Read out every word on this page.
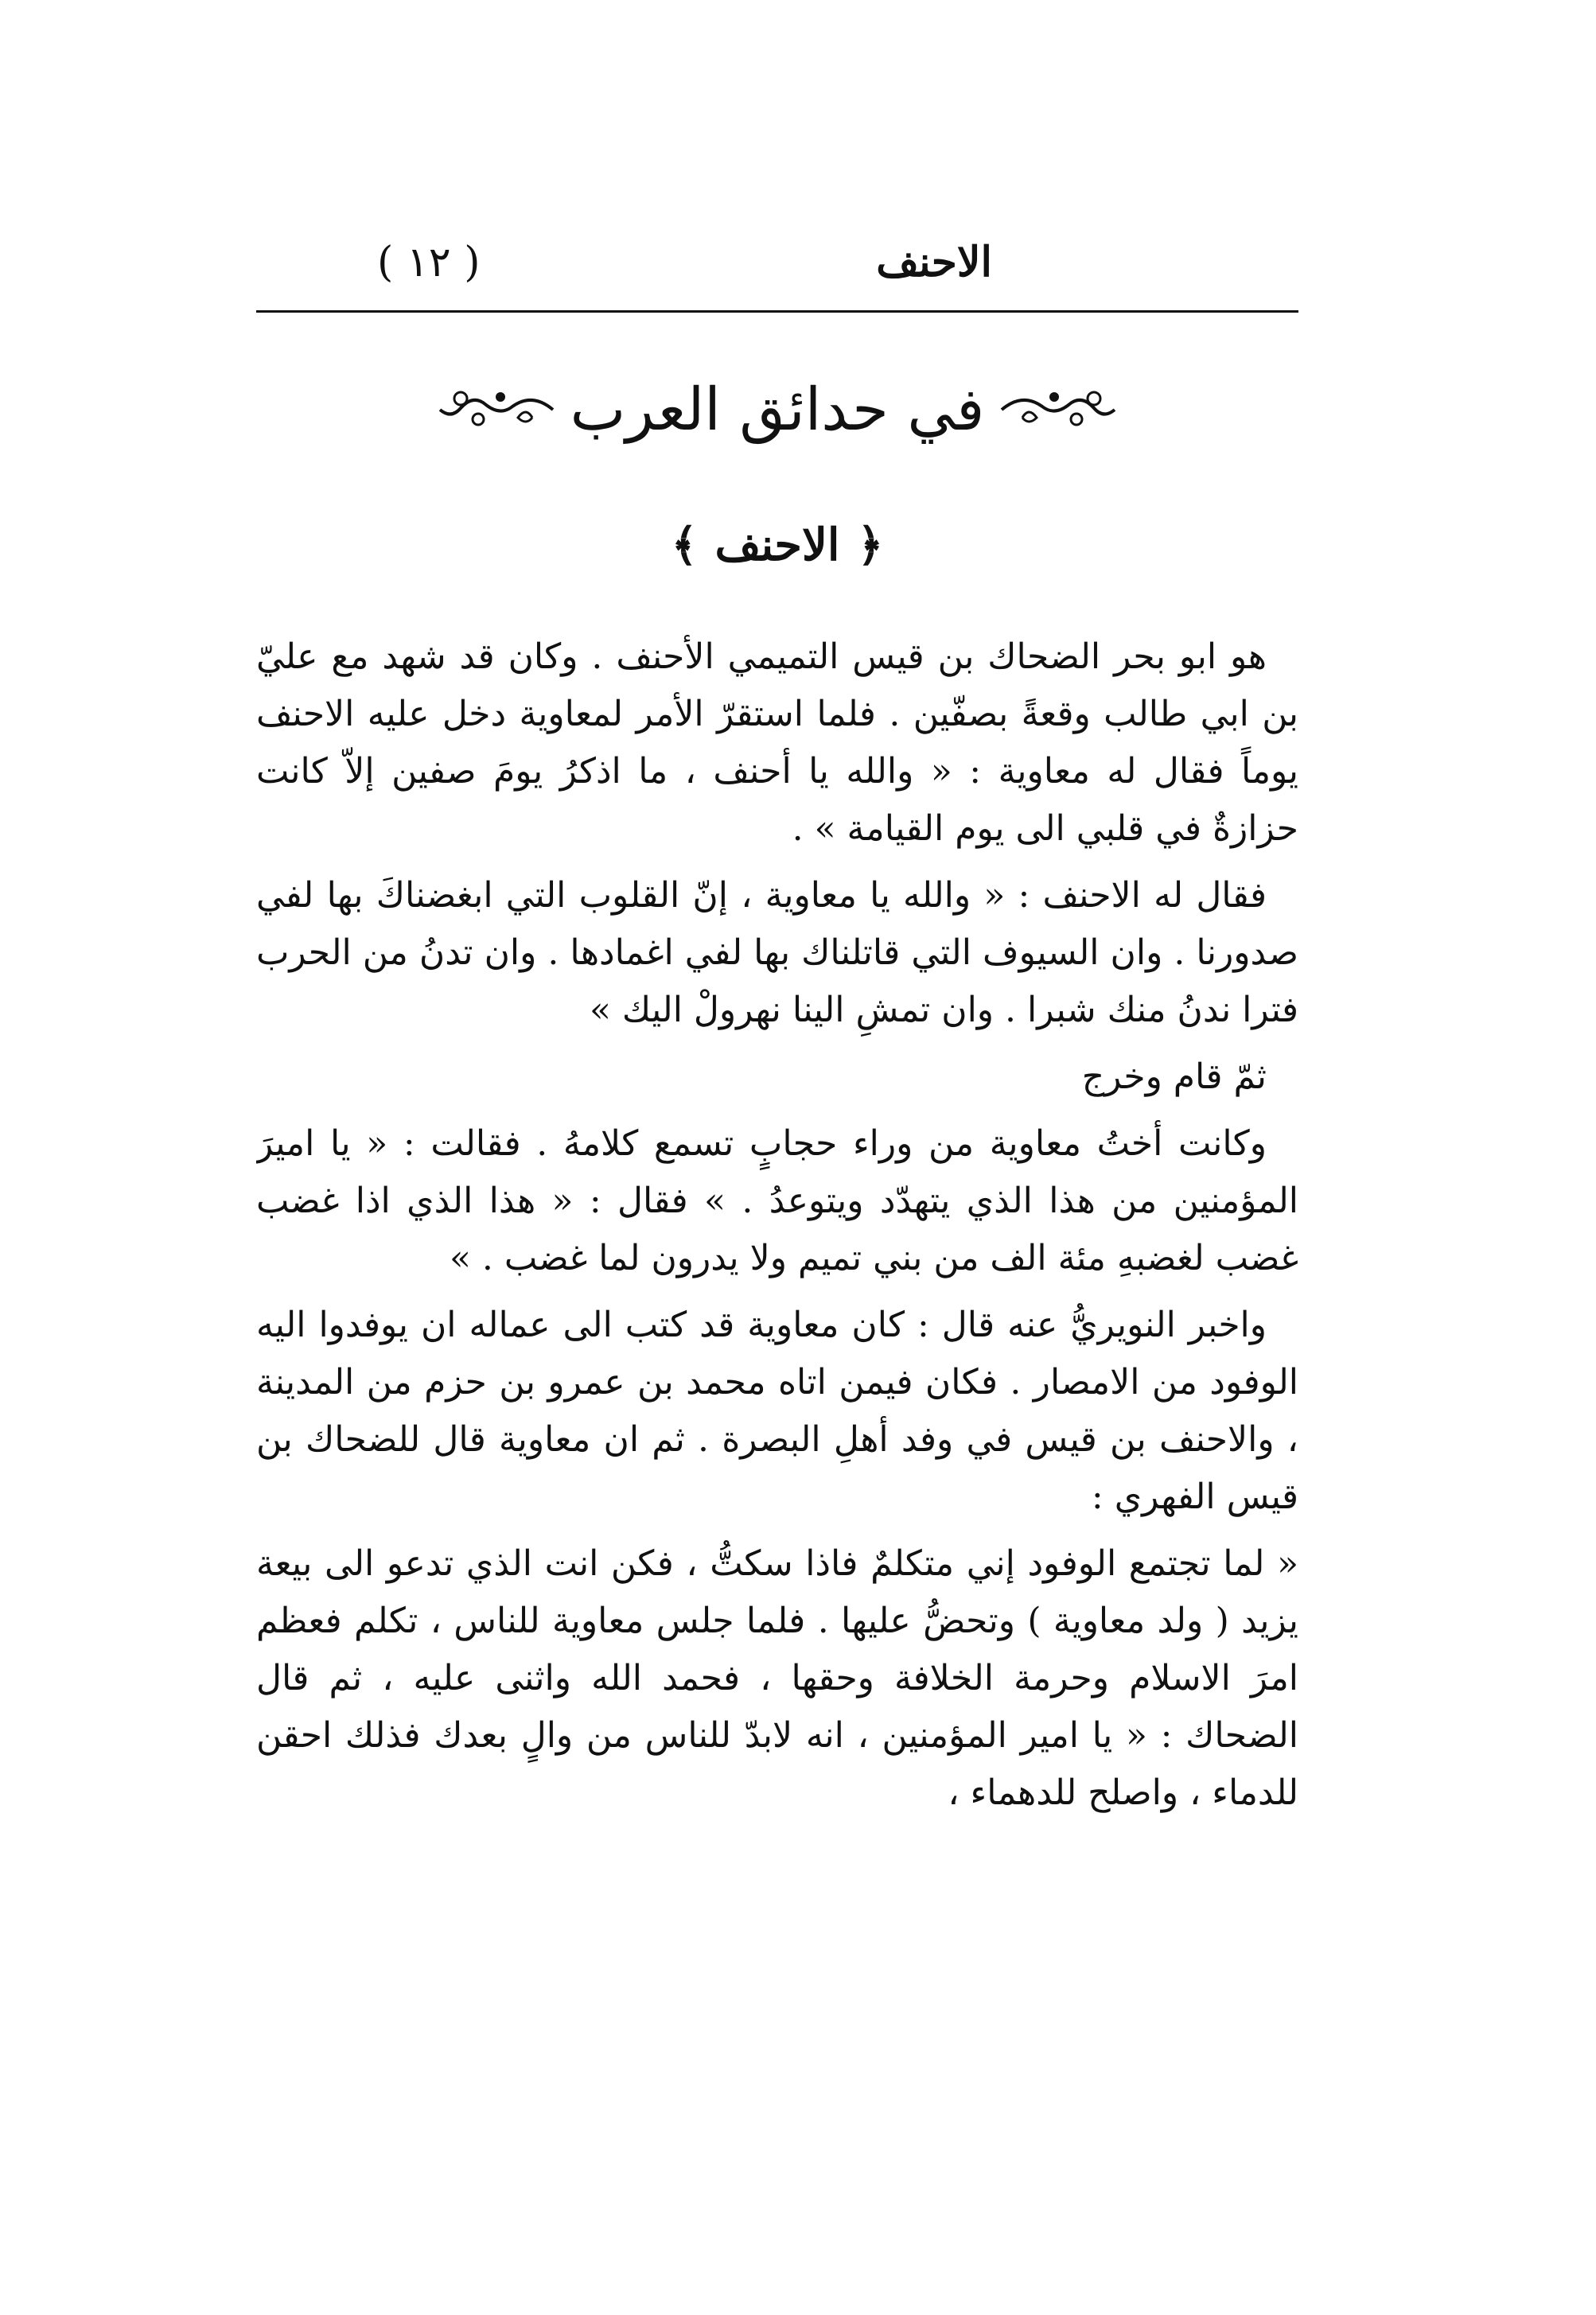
الاحنف
( ١٢ )
في حدائق العرب
﴿
الاحنف
﴾

هو ابو بحر الضحاك بن قيس التميمي الأحنف . وكان قد شهد مع عليّ بن ابي طالب وقعةً بصفّين . فلما استقرّ الأمر لمعاوية دخل عليه الاحنف يوماً فقال له معاوية : « والله يا أحنف ، ما اذكرُ يومَ صفين إلاّ كانت حزازةٌ في قلبي الى يوم القيامة » .

فقال له الاحنف : « والله يا معاوية ، إنّ القلوب التي ابغضناكَ بها لفي صدورنا . وان السيوف التي قاتلناك بها لفي اغمادها . وان تدنُ من الحرب فترا ندنُ منك شبرا . وان تمشِ الينا نهرولْ اليك »

ثمّ قام وخرج

وكانت أختُ معاوية من وراء حجابٍ تسمع كلامهُ . فقالت : « يا اميرَ المؤمنين من هذا الذي يتهدّد ويتوعدُ . » فقال : « هذا الذي اذا غضب غضب لغضبهِ مئة الف من بني تميم ولا يدرون لما غضب . »

واخبر النويريُّ عنه قال : كان معاوية قد كتب الى عماله ان يوفدوا اليه الوفود من الامصار . فكان فيمن اتاه محمد بن عمرو بن حزم من المدينة ، والاحنف بن قيس في وفد أهلِ البصرة . ثم ان معاوية قال للضحاك بن قيس الفهري :

« لما تجتمع الوفود إني متكلمٌ فاذا سكتُّ ، فكن انت الذي تدعو الى بيعة يزيد ( ولد معاوية ) وتحضُّ عليها . فلما جلس معاوية للناس ، تكلم فعظم امرَ الاسلام وحرمة الخلافة وحقها ، فحمد الله واثنى عليه ، ثم قال الضحاك : « يا امير المؤمنين ، انه لابدّ للناس من والٍ بعدك فذلك احقن للدماء ، واصلح للدهماء ،
